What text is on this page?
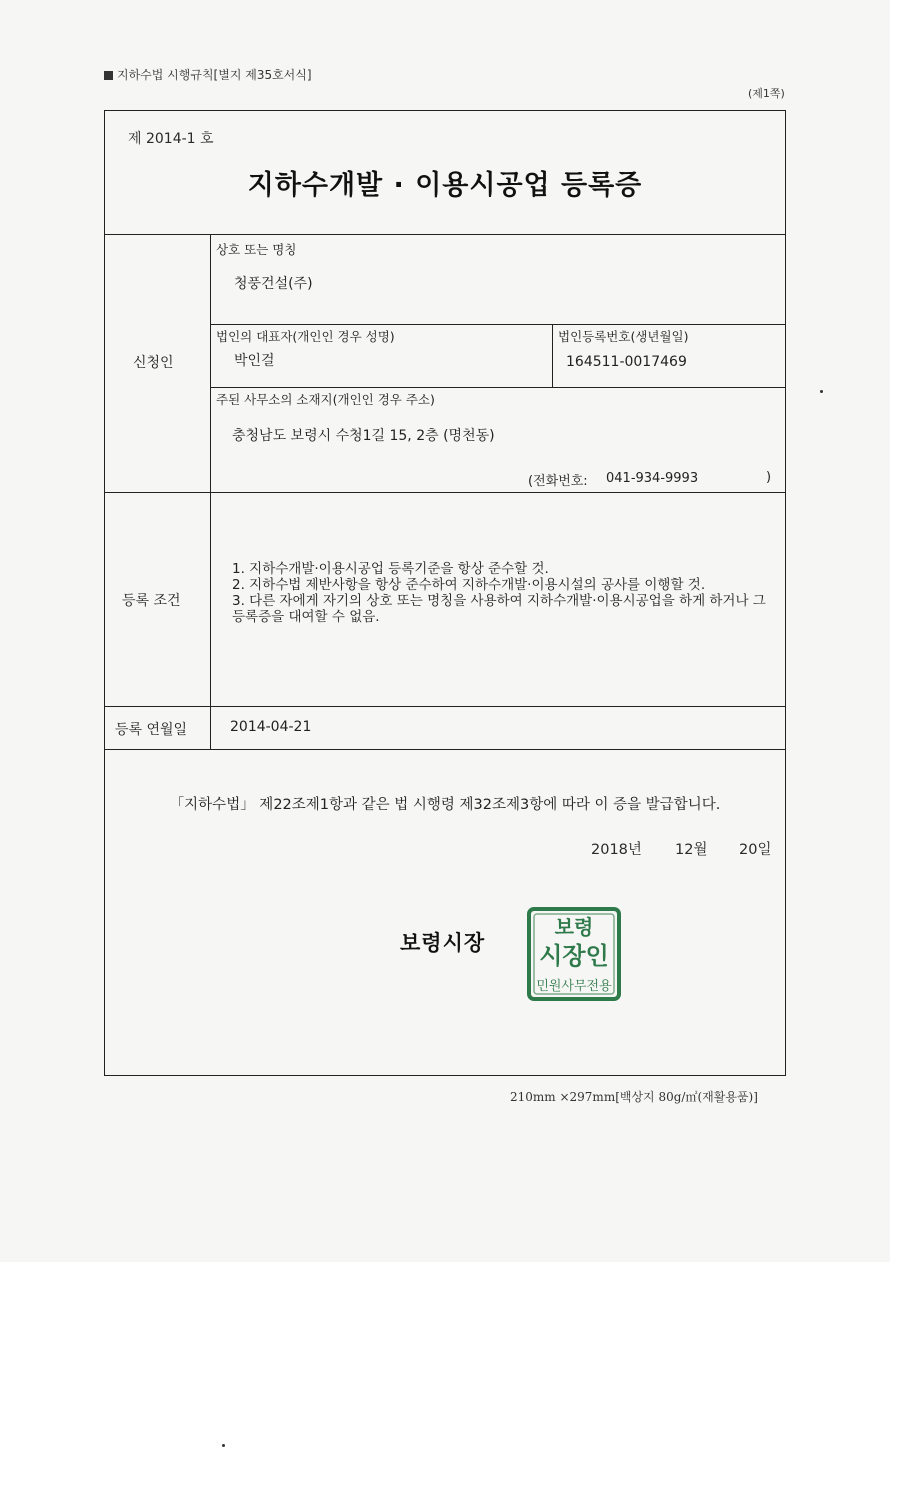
지하수법 시행규칙[별지 제35호서식]
(제1쪽)
제 2014-1 호
지하수개발 · 이용시공업 등록증
신청인
상호 또는 명칭
청풍건설(주)
법인의 대표자(개인인 경우 성명)
박인걸
법인등록번호(생년월일)
164511-0017469
주된 사무소의 소재지(개인인 경우 주소)
충청남도 보령시 수청1길 15, 2층 (명천동)
(전화번호: 041-934-9993	)
등록 조건
1. 지하수개발·이용시공업 등록기준을 항상 준수할 것.
2. 지하수법 제반사항을 항상 준수하여 지하수개발·이용시설의 공사를 이행할 것.
3. 다른 자에게 자기의 상호 또는 명칭을 사용하여 지하수개발·이용시공업을 하게 하거나 그 등록증을 대여할 수 없음.
등록 연월일	2014-04-21
「지하수법」 제22조제1항과 같은 법 시행령 제32조제3항에 따라 이 증을 발급합니다.
2018년 12월 20일
보령시장
보령
시장인
민원사무전용
210mm ×297mm[백상지 80g/㎡(재활용품)]
